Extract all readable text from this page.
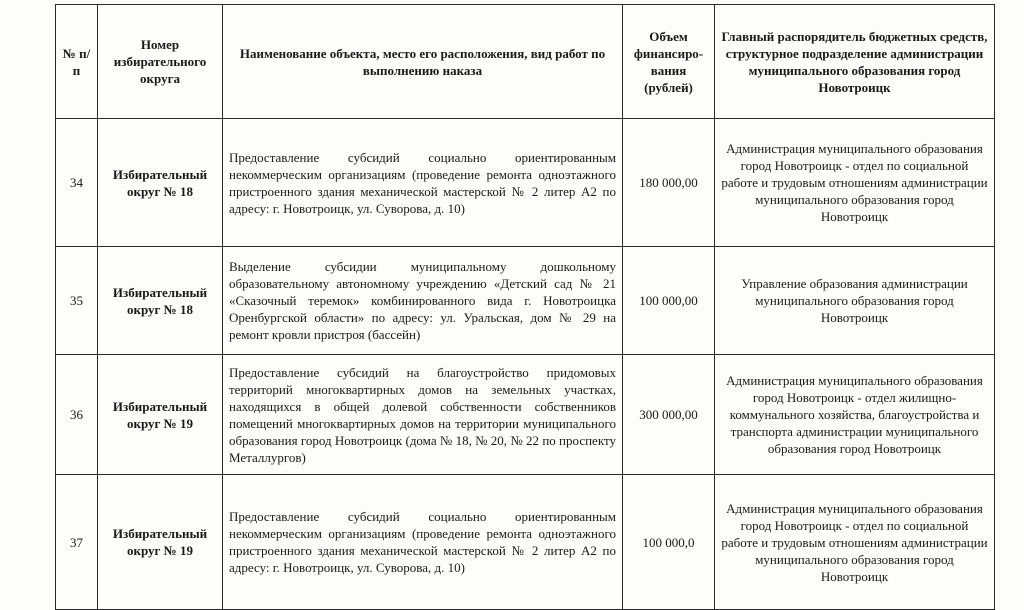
№ п/п	Номер избирательного округа	Наименование объекта, место его расположения, вид работ по выполнению наказа	Объем финансиро-вания (рублей)	Главный распорядитель бюджетных средств, структурное подразделение администрации муниципального образования город Новотроицк
34	Избирательный округ № 18	Предоставление субсидий социально ориентированным некоммерческим организациям (проведение ремонта одноэтажного пристроенного здания механической мастерской № 2 литер А2 по адресу: г. Новотроицк, ул. Суворова, д. 10)	180 000,00	Администрация муниципального образования город Новотроицк - отдел по социальной работе и трудовым отношениям администрации муниципального образования город Новотроицк
35	Избирательный округ № 18	Выделение субсидии муниципальному дошкольному образовательному автономному учреждению «Детский сад № 21 «Сказочный теремок» комбинированного вида г. Новотроицка Оренбургской области» по адресу: ул. Уральская, дом № 29 на ремонт кровли пристроя (бассейн)	100 000,00	Управление образования администрации муниципального образования город Новотроицк
36	Избирательный округ № 19	Предоставление субсидий на благоустройство придомовых территорий многоквартирных домов на земельных участках, находящихся в общей долевой собственности собственников помещений многоквартирных домов на территории муниципального образования город Новотроицк (дома № 18, № 20, № 22 по проспекту Металлургов)	300 000,00	Администрация муниципального образования город Новотроицк - отдел жилищно-коммунального хозяйства, благоустройства и транспорта администрации муниципального образования город Новотроицк
37	Избирательный округ № 19	Предоставление субсидий социально ориентированным некоммерческим организациям (проведение ремонта одноэтажного пристроенного здания механической мастерской № 2 литер А2 по адресу: г. Новотроицк, ул. Суворова, д. 10)	100 000,0	Администрация муниципального образования город Новотроицк - отдел по социальной работе и трудовым отношениям администрации муниципального образования город Новотроицк
